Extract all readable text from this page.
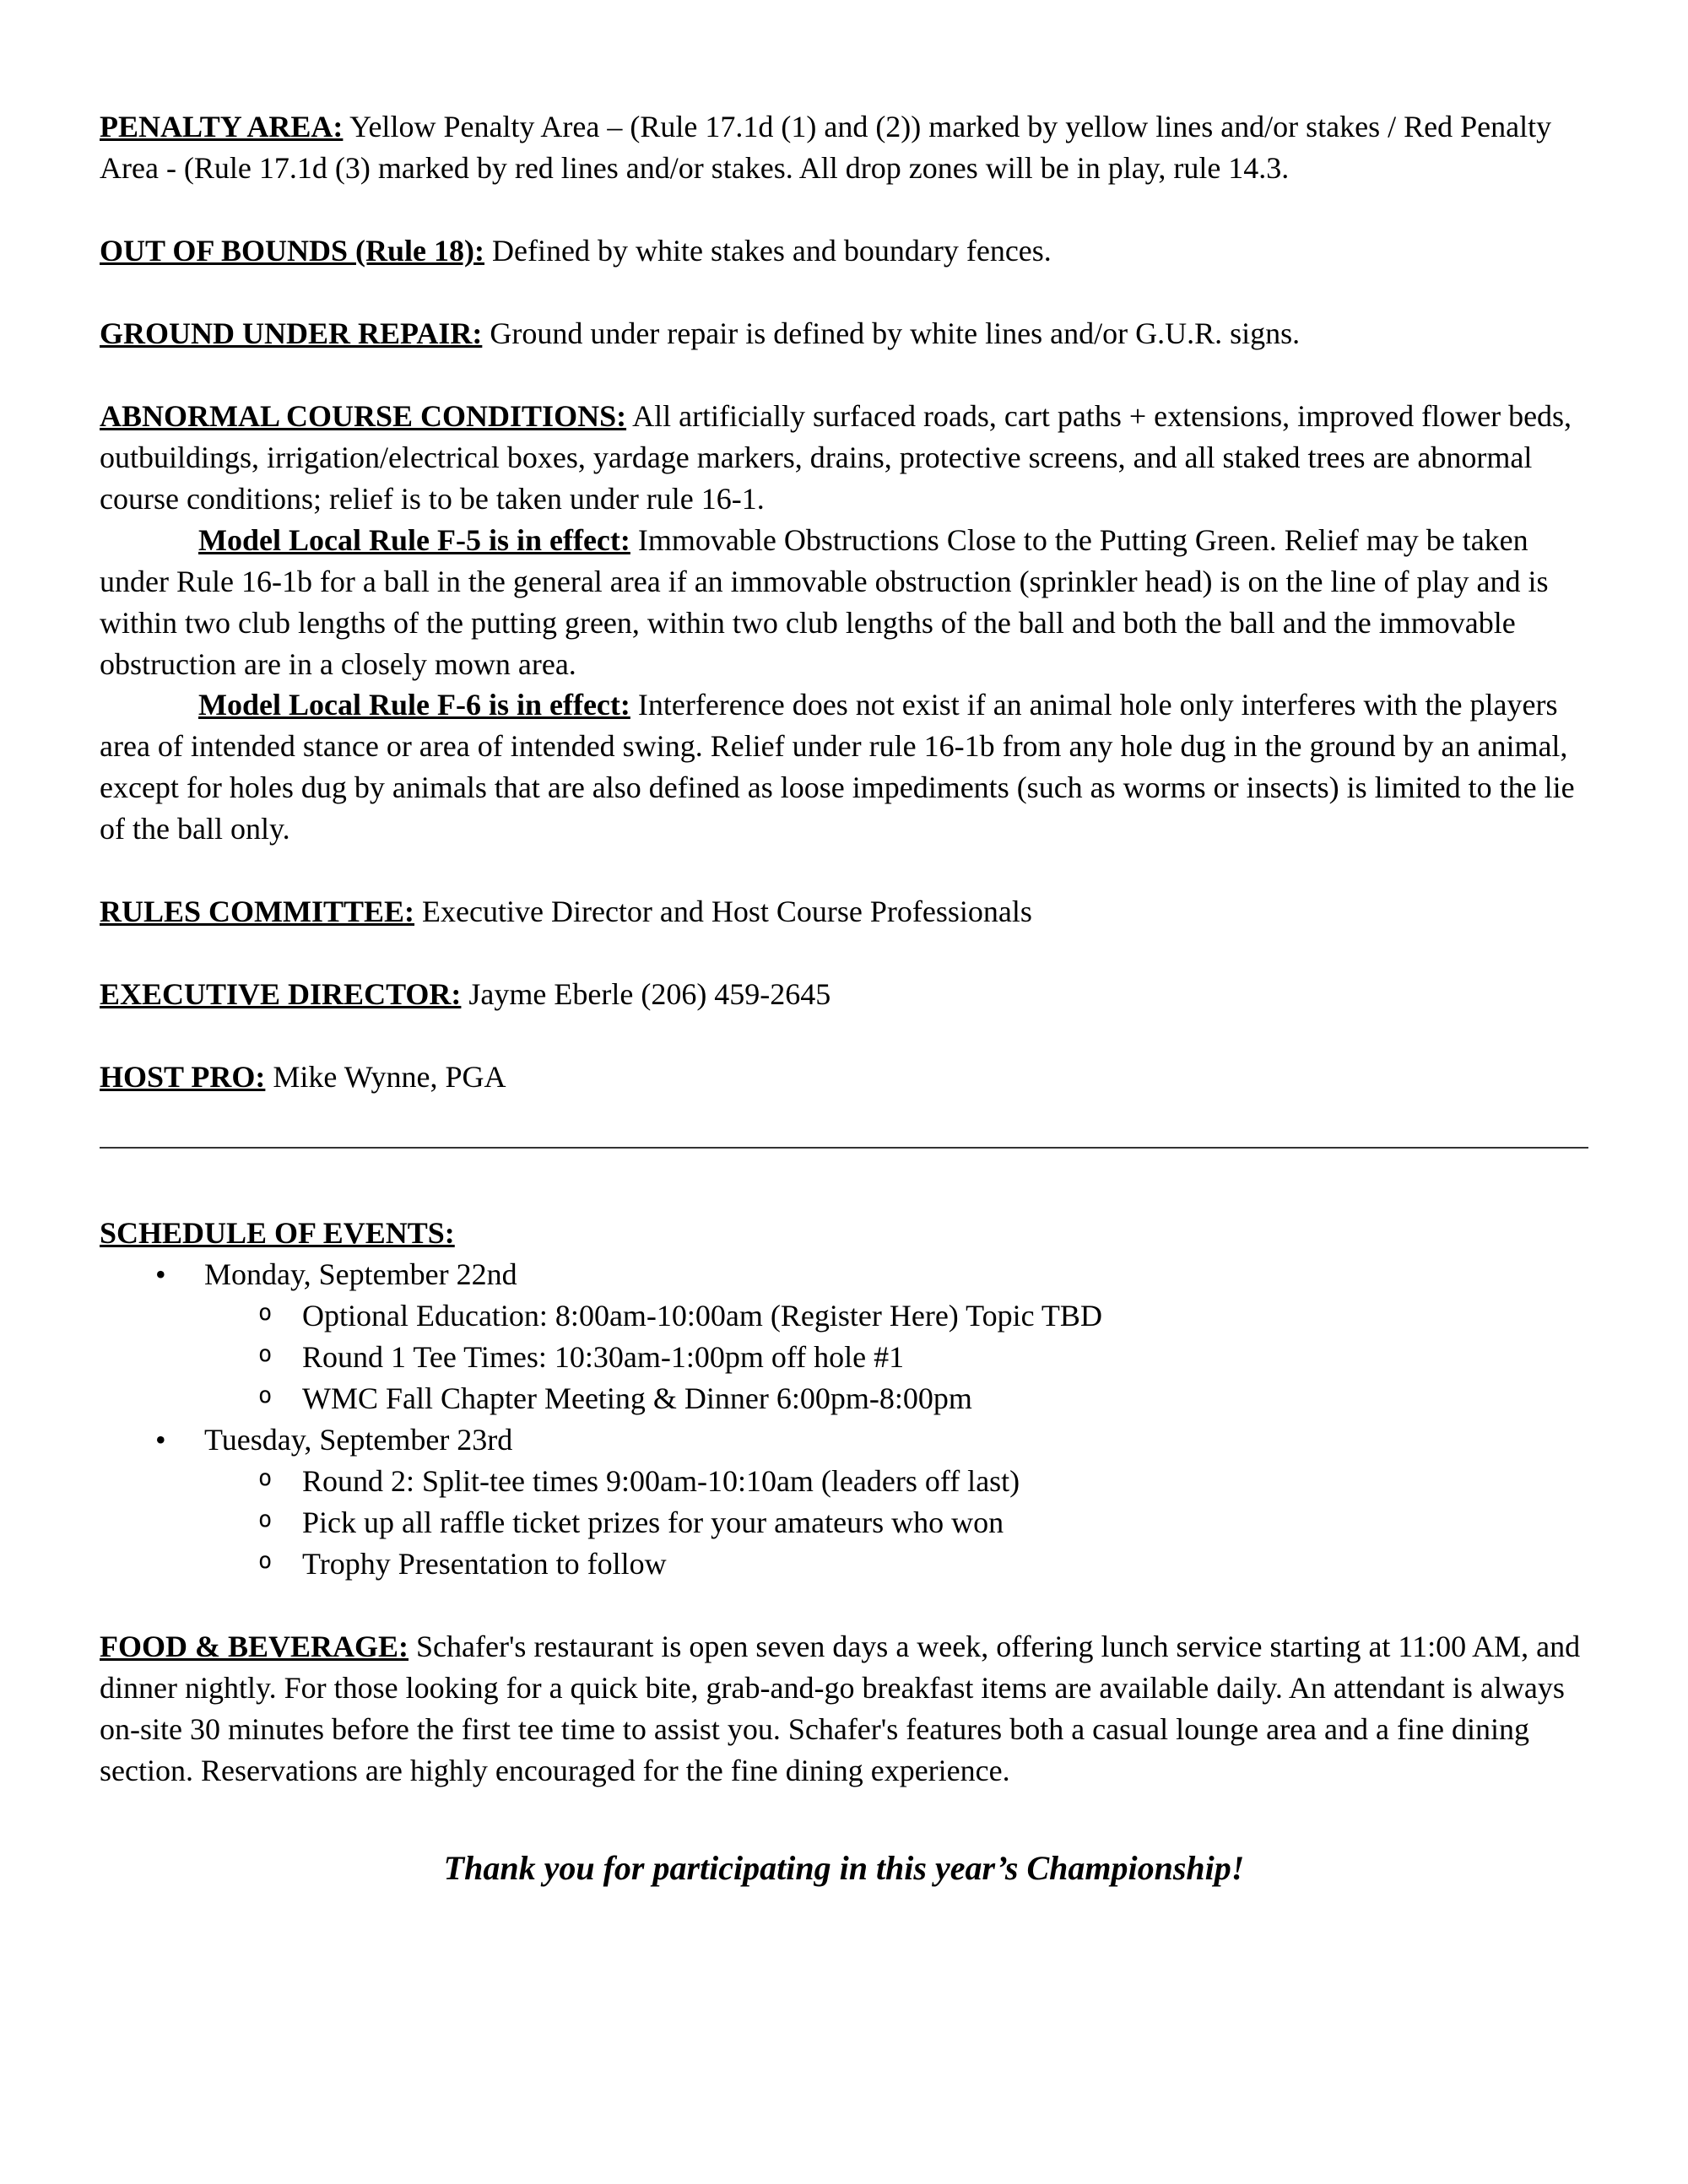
PENALTY AREA: Yellow Penalty Area – (Rule 17.1d (1) and (2)) marked by yellow lines and/or stakes / Red Penalty Area - (Rule 17.1d (3) marked by red lines and/or stakes. All drop zones will be in play, rule 14.3.

OUT OF BOUNDS (Rule 18): Defined by white stakes and boundary fences.

GROUND UNDER REPAIR: Ground under repair is defined by white lines and/or G.U.R. signs.

ABNORMAL COURSE CONDITIONS: All artificially surfaced roads, cart paths + extensions, improved flower beds, outbuildings, irrigation/electrical boxes, yardage markers, drains, protective screens, and all staked trees are abnormal course conditions; relief is to be taken under rule 16-1.

Model Local Rule F-5 is in effect: Immovable Obstructions Close to the Putting Green. Relief may be taken under Rule 16-1b for a ball in the general area if an immovable obstruction (sprinkler head) is on the line of play and is within two club lengths of the putting green, within two club lengths of the ball and both the ball and the immovable obstruction are in a closely mown area.

Model Local Rule F-6 is in effect: Interference does not exist if an animal hole only interferes with the players area of intended stance or area of intended swing. Relief under rule 16-1b from any hole dug in the ground by an animal, except for holes dug by animals that are also defined as loose impediments (such as worms or insects) is limited to the lie of the ball only.

RULES COMMITTEE: Executive Director and Host Course Professionals

EXECUTIVE DIRECTOR: Jayme Eberle (206) 459-2645

HOST PRO: Mike Wynne, PGA

SCHEDULE OF EVENTS:

• Monday, September 22nd
o Optional Education: 8:00am-10:00am (Register Here) Topic TBD
o Round 1 Tee Times: 10:30am-1:00pm off hole #1
o WMC Fall Chapter Meeting & Dinner 6:00pm-8:00pm
• Tuesday, September 23rd
o Round 2: Split-tee times 9:00am-10:10am (leaders off last)
o Pick up all raffle ticket prizes for your amateurs who won
o Trophy Presentation to follow

FOOD & BEVERAGE: Schafer's restaurant is open seven days a week, offering lunch service starting at 11:00 AM, and dinner nightly. For those looking for a quick bite, grab-and-go breakfast items are available daily. An attendant is always on-site 30 minutes before the first tee time to assist you. Schafer's features both a casual lounge area and a fine dining section. Reservations are highly encouraged for the fine dining experience.

Thank you for participating in this year’s Championship!
